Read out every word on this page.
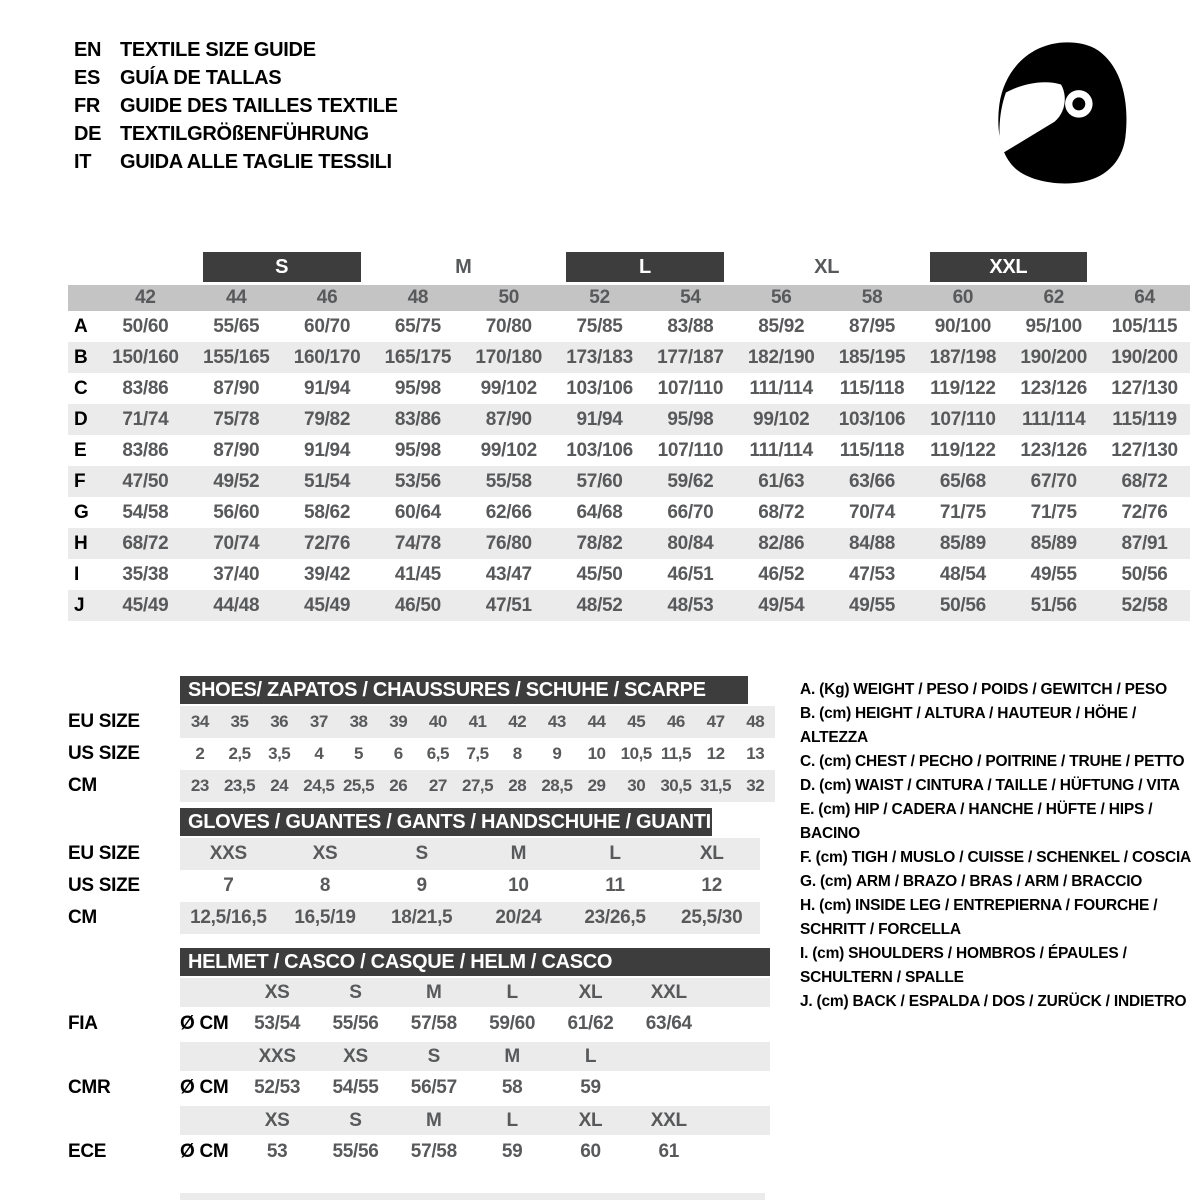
EN TEXTILE SIZE GUIDE
ES GUÍA DE TALLAS
FR GUIDE DES TAILLES TEXTILE
DE TEXTILGRÖßENFÜHRUNG
IT	GUIDA ALLE TAGLIE TESSILI
S	M	L	XL	XXL
42	44	46	48	50	52	54	56	58	60	62	64
A	50/60	55/65	60/70	65/75	70/80	75/85	83/88	85/92	87/95	90/100	95/100	105/115
B	150/160	155/165	160/170	165/175	170/180	173/183	177/187	182/190	185/195	187/198	190/200	190/200
C	83/86	87/90	91/94	95/98	99/102	103/106	107/110	111/114	115/118	119/122	123/126	127/130
D	71/74	75/78	79/82	83/86	87/90	91/94	95/98	99/102	103/106	107/110	111/114	115/119
E	83/86	87/90	91/94	95/98	99/102	103/106	107/110	111/114	115/118	119/122	123/126	127/130
F	47/50	49/52	51/54	53/56	55/58	57/60	59/62	61/63	63/66	65/68	67/70	68/72
G	54/58	56/60	58/62	60/64	62/66	64/68	66/70	68/72	70/74	71/75	71/75	72/76
H	68/72	70/74	72/76	74/78	76/80	78/82	80/84	82/86	84/88	85/89	85/89	87/91
I	35/38	37/40	39/42	41/45	43/47	45/50	46/51	46/52	47/53	48/54	49/55	50/56
J	45/49	44/48	45/49	46/50	47/51	48/52	48/53	49/54	49/55	50/56	51/56	52/58
SHOES/ ZAPATOS / CHAUSSURES / SCHUHE / SCARPE
EU SIZE	34	35	36	37	38	39	40	41	42	43	44	45	46	47	48
US SIZE	2	2,5	3,5	4	5	6	6,5	7,5	8	9	10 10,5 11,5 12	13
CM	23 23,5 24 24,5 25,5 26	27 27,5 28 28,5 29	30 30,5 31,5 32
A. (Kg) WEIGHT / PESO / POIDS / GEWITCH / PESO
B. (cm) HEIGHT / ALTURA / HAUTEUR / HÖHE / ALTEZZA
C. (cm) CHEST / PECHO / POITRINE / TRUHE / PETTO
D. (cm) WAIST / CINTURA / TAILLE / HÜFTUNG / VITA
E. (cm) HIP / CADERA / HANCHE / HÜFTE / HIPS / BACINO
F. (cm) TIGH / MUSLO / CUISSE / SCHENKEL / COSCIA
G. (cm) ARM / BRAZO / BRAS / ARM / BRACCIO
H. (cm) INSIDE LEG / ENTREPIERNA / FOURCHE / SCHRITT / FORCELLA
I. (cm) SHOULDERS / HOMBROS / ÉPAULES / SCHULTERN / SPALLE
J. (cm) BACK / ESPALDA / DOS / ZURÜCK / INDIETRO
GLOVES / GUANTES / GANTS / HANDSCHUHE / GUANTI
EU SIZE	XXS	XS	S	M	L	XL
US SIZE	7	8	9	10	11	12
CM	12,5/16,5	16,5/19	18/21,5	20/24	23/26,5	25,5/30
HELMET / CASCO / CASQUE / HELM / CASCO
XS	S	M	L	XL	XXL
FIA	Ø CM	53/54	55/56	57/58	59/60	61/62	63/64
XXS	XS	S	M	L
CMR	Ø CM	52/53	54/55	56/57	58	59
XS	S	M	L	XL	XXL
ECE	Ø CM	53	55/56	57/58	59	60	61
